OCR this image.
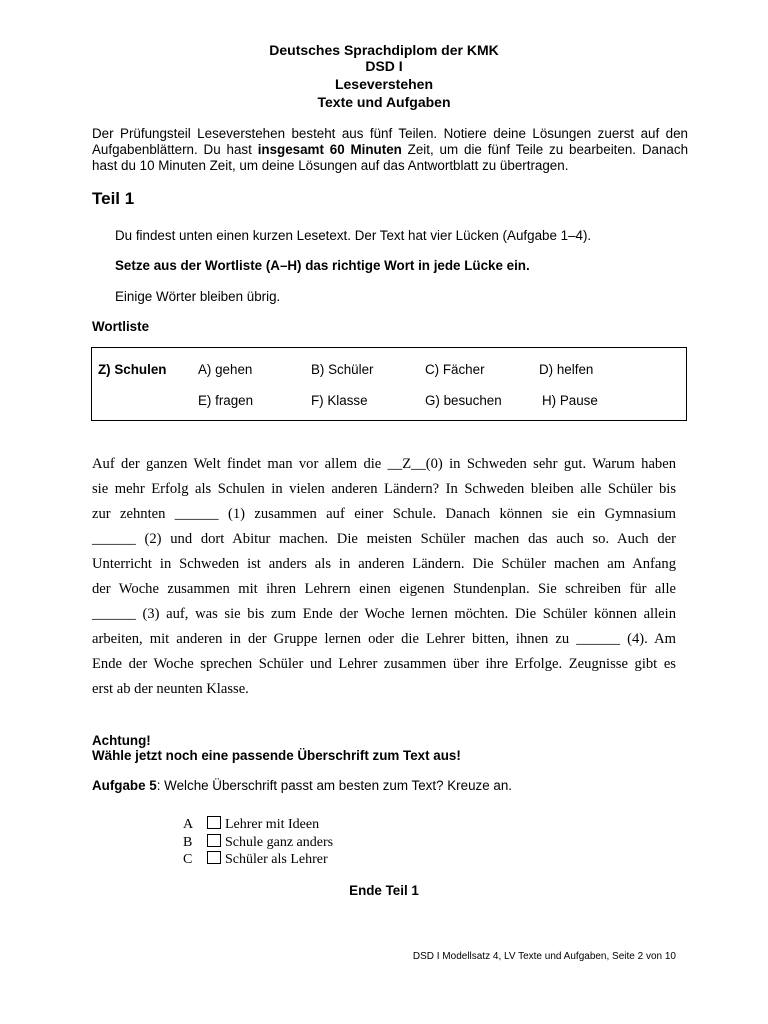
Deutsches Sprachdiplom der KMK
DSD I
Leseverstehen
Texte und Aufgaben
Der Prüfungsteil Leseverstehen besteht aus fünf Teilen. Notiere deine Lösungen zuerst auf den Aufgabenblättern. Du hast insgesamt 60 Minuten Zeit, um die fünf Teile zu bearbeiten. Danach hast du 10 Minuten Zeit, um deine Lösungen auf das Antwortblatt zu übertragen.
Teil 1
Du findest unten einen kurzen Lesetext. Der Text hat vier Lücken (Aufgabe 1–4).
Setze aus der Wortliste (A–H) das richtige Wort in jede Lücke ein.
Einige Wörter bleiben übrig.
Wortliste
Z) Schulen A) gehen	B) Schüler	C) Fächer	D) helfen
E) fragen	F) Klasse	G) besuchen	H) Pause
Auf der ganzen Welt findet man vor allem die __Z__(0) in Schweden sehr gut. Warum haben
sie mehr Erfolg als Schulen in vielen anderen Ländern? In Schweden bleiben alle Schüler bis
zur zehnten ______ (1) zusammen auf einer Schule. Danach können sie ein Gymnasium
______ (2) und dort Abitur machen. Die meisten Schüler machen das auch so. Auch der
Unterricht in Schweden ist anders als in anderen Ländern. Die Schüler machen am Anfang
der Woche zusammen mit ihren Lehrern einen eigenen Stundenplan. Sie schreiben für alle
______ (3) auf, was sie bis zum Ende der Woche lernen möchten. Die Schüler können allein
arbeiten, mit anderen in der Gruppe lernen oder die Lehrer bitten, ihnen zu ______ (4). Am
Ende der Woche sprechen Schüler und Lehrer zusammen über ihre Erfolge. Zeugnisse gibt es
erst ab der neunten Klasse.
Achtung!
Wähle jetzt noch eine passende Überschrift zum Text aus!
Aufgabe 5: Welche Überschrift passt am besten zum Text? Kreuze an.
A Lehrer mit Ideen
B Schule ganz anders
C Schüler als Lehrer
Ende Teil 1
DSD I Modellsatz 4, LV Texte und Aufgaben, Seite 2 von 10
